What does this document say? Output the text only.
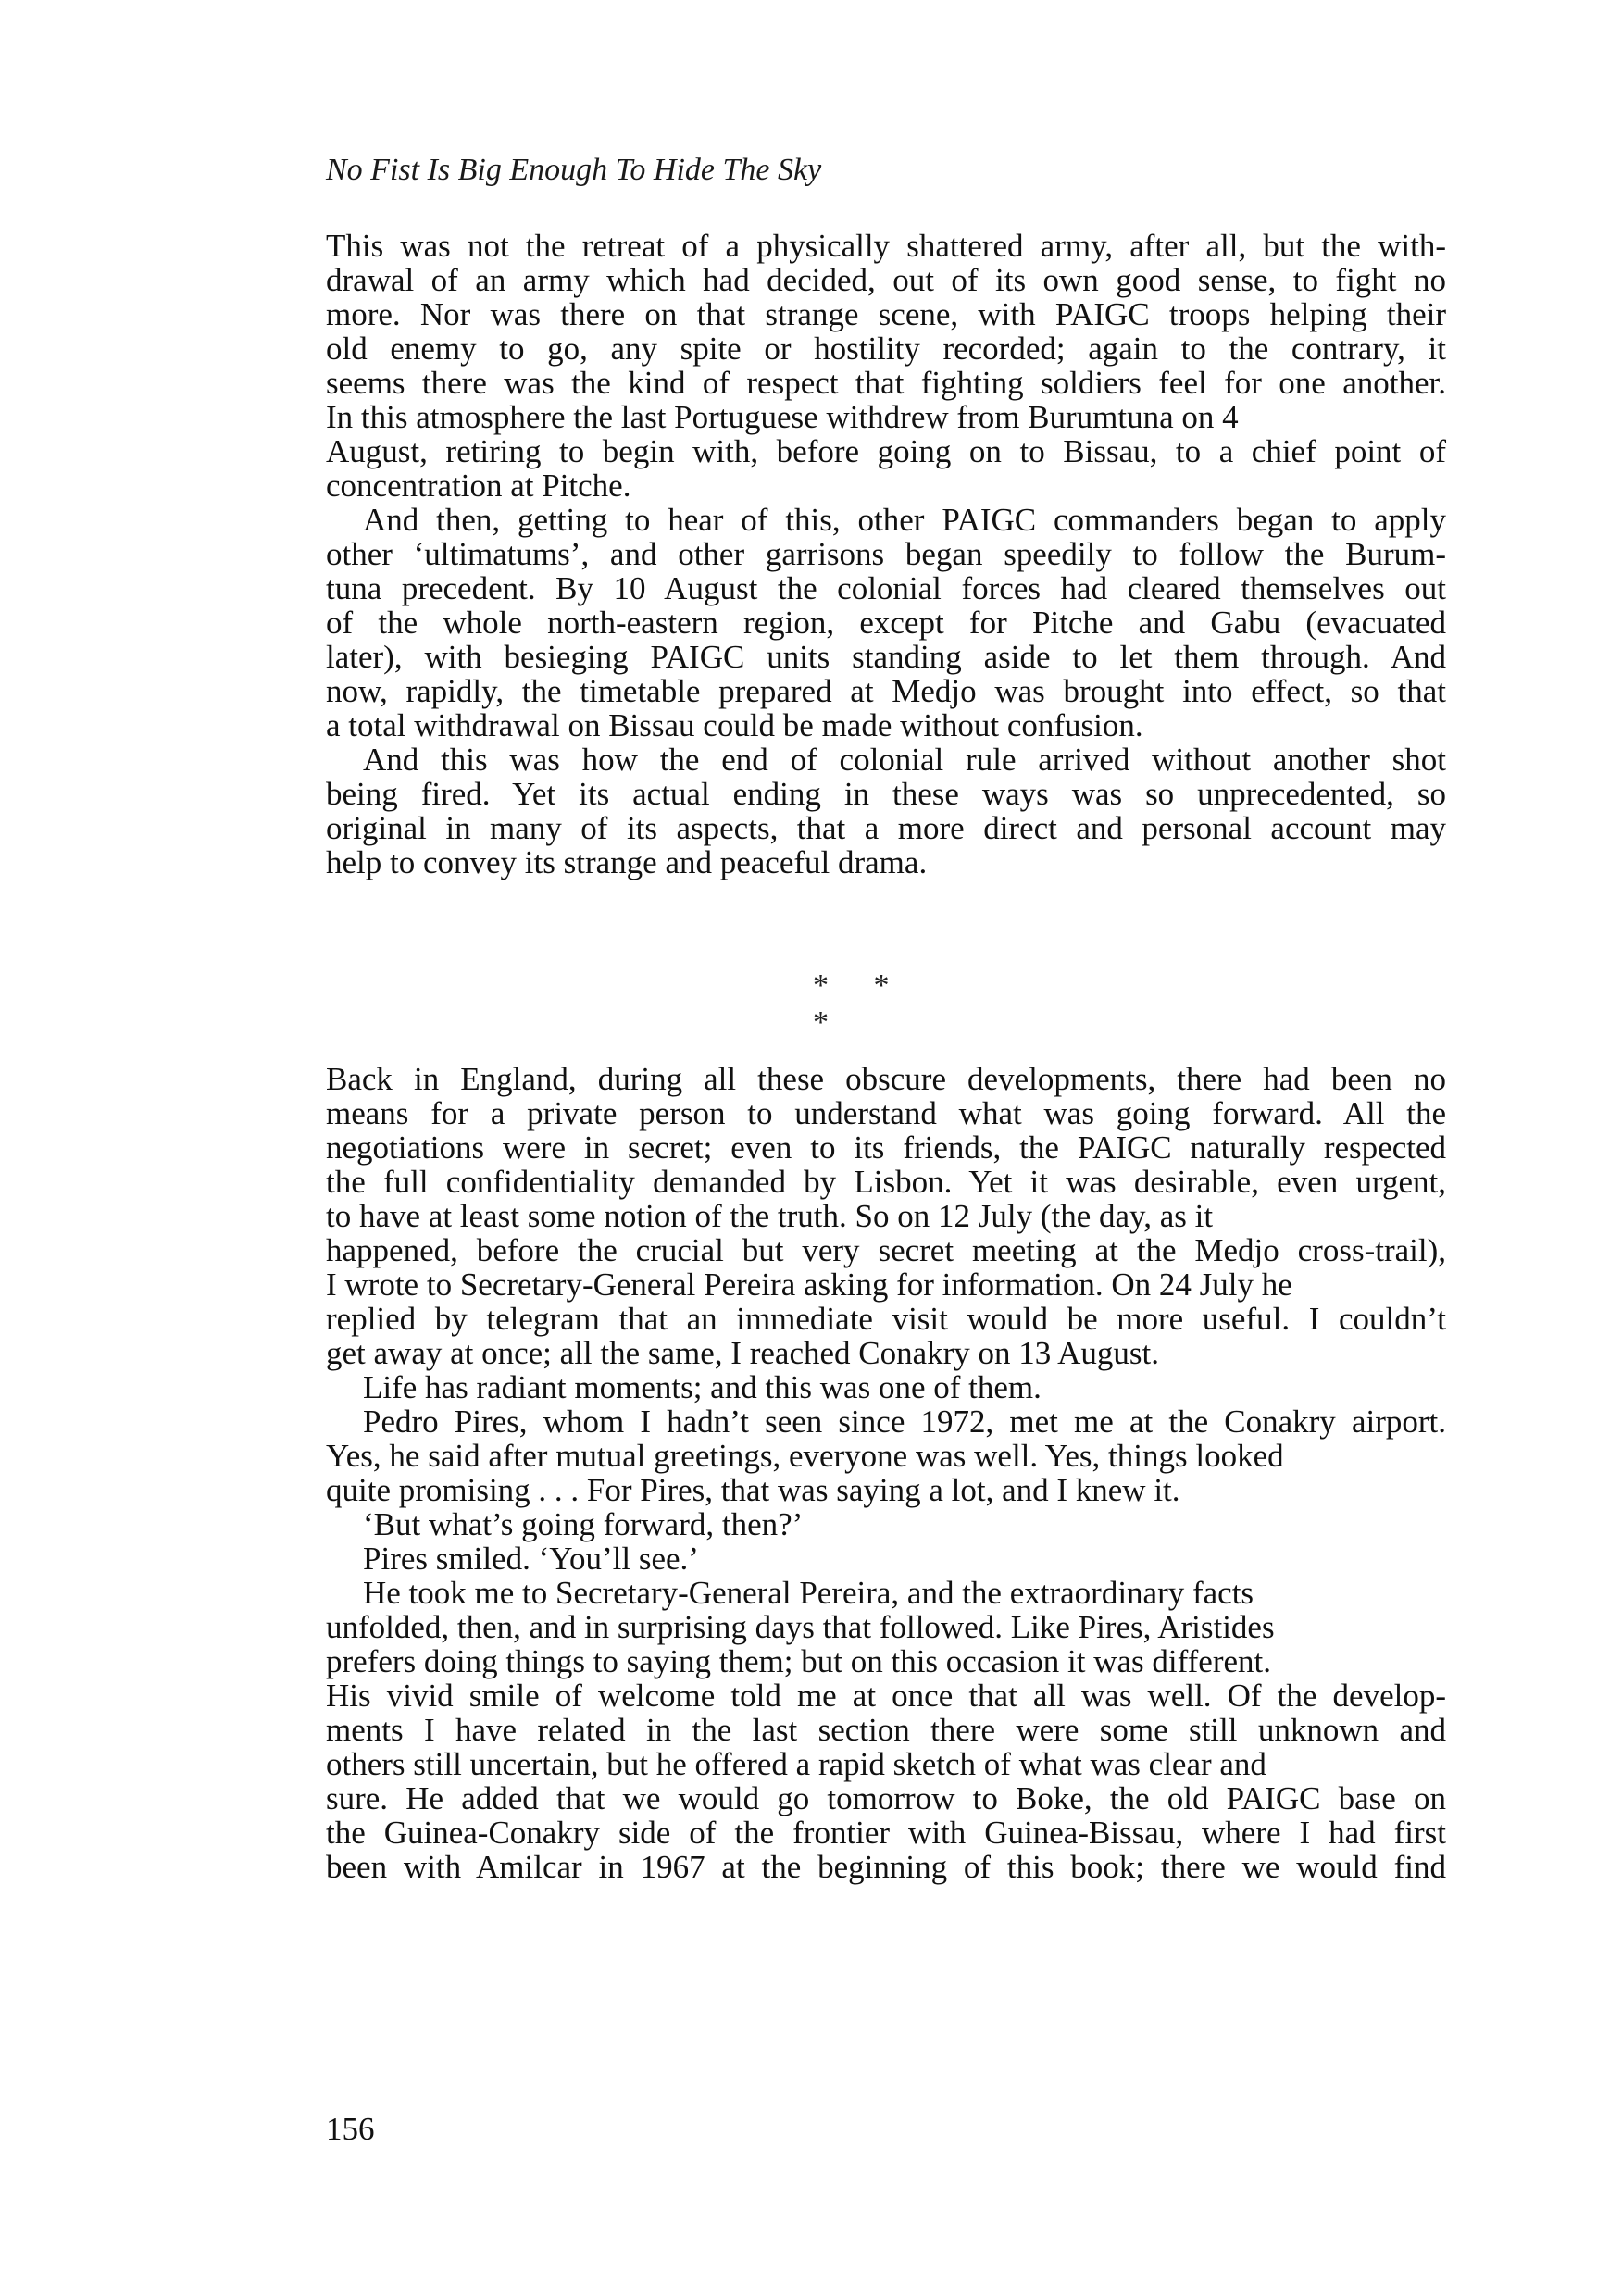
No Fist Is Big Enough To Hide The Sky
This was not the retreat of a physically shattered army, after all, but the with-
drawal of an army which had decided, out of its own good sense, to fight no
more. Nor was there on that strange scene, with PAIGC troops helping their
old enemy to go, any spite or hostility recorded; again to the contrary, it
seems there was the kind of respect that fighting soldiers feel for one another.
In this atmosphere the last Portuguese withdrew from Burumtuna on 4
August, retiring to begin with, before going on to Bissau, to a chief point of
concentration at Pitche.
And then, getting to hear of this, other PAIGC commanders began to apply
other ‘ultimatums’, and other garrisons began speedily to follow the Burum-
tuna precedent. By 10 August the colonial forces had cleared themselves out
of the whole north-eastern region, except for Pitche and Gabu (evacuated
later), with besieging PAIGC units standing aside to let them through. And
now, rapidly, the timetable prepared at Medjo was brought into effect, so that
a total withdrawal on Bissau could be made without confusion.
And this was how the end of colonial rule arrived without another shot
being fired. Yet its actual ending in these ways was so unprecedented, so
original in many of its aspects, that a more direct and personal account may
help to convey its strange and peaceful drama.
* * *
Back in England, during all these obscure developments, there had been no
means for a private person to understand what was going forward. All the
negotiations were in secret; even to its friends, the PAIGC naturally respected
the full confidentiality demanded by Lisbon. Yet it was desirable, even urgent,
to have at least some notion of the truth. So on 12 July (the day, as it
happened, before the crucial but very secret meeting at the Medjo cross-trail),
I wrote to Secretary-General Pereira asking for information. On 24 July he
replied by telegram that an immediate visit would be more useful. I couldn’t
get away at once; all the same, I reached Conakry on 13 August.
Life has radiant moments; and this was one of them.
Pedro Pires, whom I hadn’t seen since 1972, met me at the Conakry airport.
Yes, he said after mutual greetings, everyone was well. Yes, things looked
quite promising . . . For Pires, that was saying a lot, and I knew it.
‘But what’s going forward, then?’
Pires smiled. ‘You’ll see.’
He took me to Secretary-General Pereira, and the extraordinary facts
unfolded, then, and in surprising days that followed. Like Pires, Aristides
prefers doing things to saying them; but on this occasion it was different.
His vivid smile of welcome told me at once that all was well. Of the develop-
ments I have related in the last section there were some still unknown and
others still uncertain, but he offered a rapid sketch of what was clear and
sure. He added that we would go tomorrow to Boke, the old PAIGC base on
the Guinea-Conakry side of the frontier with Guinea-Bissau, where I had first
been with Amilcar in 1967 at the beginning of this book; there we would find
156
